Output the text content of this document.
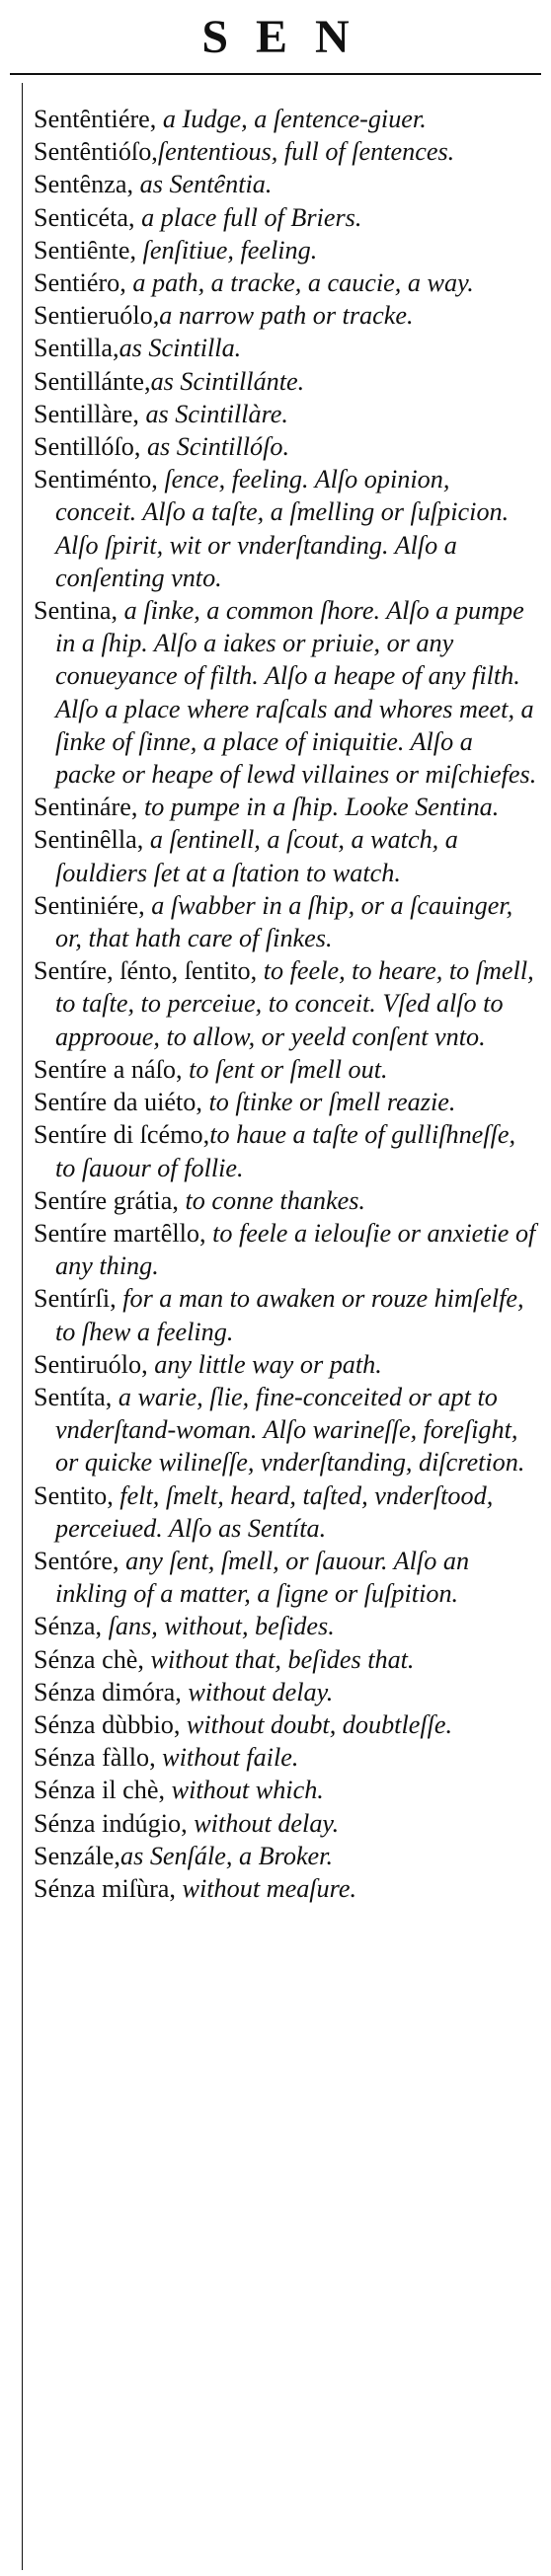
SEN
Sentȇntiére, a Iudge, a ſentence-giuer.
Sentȇntióſo,ſententious, full of ſentences.
Sentȇnza, as Sentȇntia.
Senticéta, a place full of Briers.
Sentiȇnte, ſenſitiue, feeling.
Sentiéro, a path, a tracke, a caucie, a way.
Sentieruólo,a narrow path or tracke.
Sentilla,as Scintilla.
Sentillánte,as Scintillánte.
Sentillàre, as Scintillàre.
Sentillóſo, as Scintillóſo.
Sentiménto, ſence, feeling. Alſo opinion, conceit. Alſo a taſte, a ſmelling or ſuſpicion. Alſo ſpirit, wit or vnderſtanding. Alſo a conſenting vnto.
Sentina, a ſinke, a common ſhore. Alſo a pumpe in a ſhip. Alſo a iakes or priuie, or any conueyance of filth. Alſo a heape of any filth. Alſo a place where raſcals and whores meet, a ſinke of ſinne, a place of iniquitie. Alſo a packe or heape of lewd villaines or miſchiefes.
Sentináre, to pumpe in a ſhip. Looke Sentina.
Sentinȇlla, a ſentinell, a ſcout, a watch, a ſouldiers ſet at a ſtation to watch.
Sentiniére, a ſwabber in a ſhip, or a ſcauinger, or, that hath care of ſinkes.
Sentíre, ſénto, ſentito, to feele, to heare, to ſmell, to taſte, to perceiue, to conceit. Vſed alſo to approoue, to allow, or yeeld conſent vnto.
Sentíre a náſo, to ſent or ſmell out.
Sentíre da uiéto, to ſtinke or ſmell reazie.
Sentíre di ſcémo,to haue a taſte of gulliſhneſſe, to ſauour of follie.
Sentíre grátia, to conne thankes.
Sentíre martȇllo, to feele a ielouſie or anxietie of any thing.
Sentírſi, for a man to awaken or rouze himſelfe, to ſhew a feeling.
Sentiruólo, any little way or path.
Sentíta, a warie, ſlie, fine-conceited or apt to vnderſtand-woman. Alſo warineſſe, foreſight, or quicke wilineſſe, vnderſtanding, diſcretion.
Sentito, felt, ſmelt, heard, taſted, vnderſtood, perceiued. Alſo as Sentíta.
Sentóre, any ſent, ſmell, or ſauour. Alſo an inkling of a matter, a ſigne or ſuſpition.
Sénza, ſans, without, beſides.
Sénza chè, without that, beſides that.
Sénza dimóra, without delay.
Sénza dùbbio, without doubt, doubtleſſe.
Sénza fàllo, without faile.
Sénza il chè, without which.
Sénza indúgio, without delay.
Senzále,as Senſále, a Broker.
Sénza miſùra, without meaſure.
